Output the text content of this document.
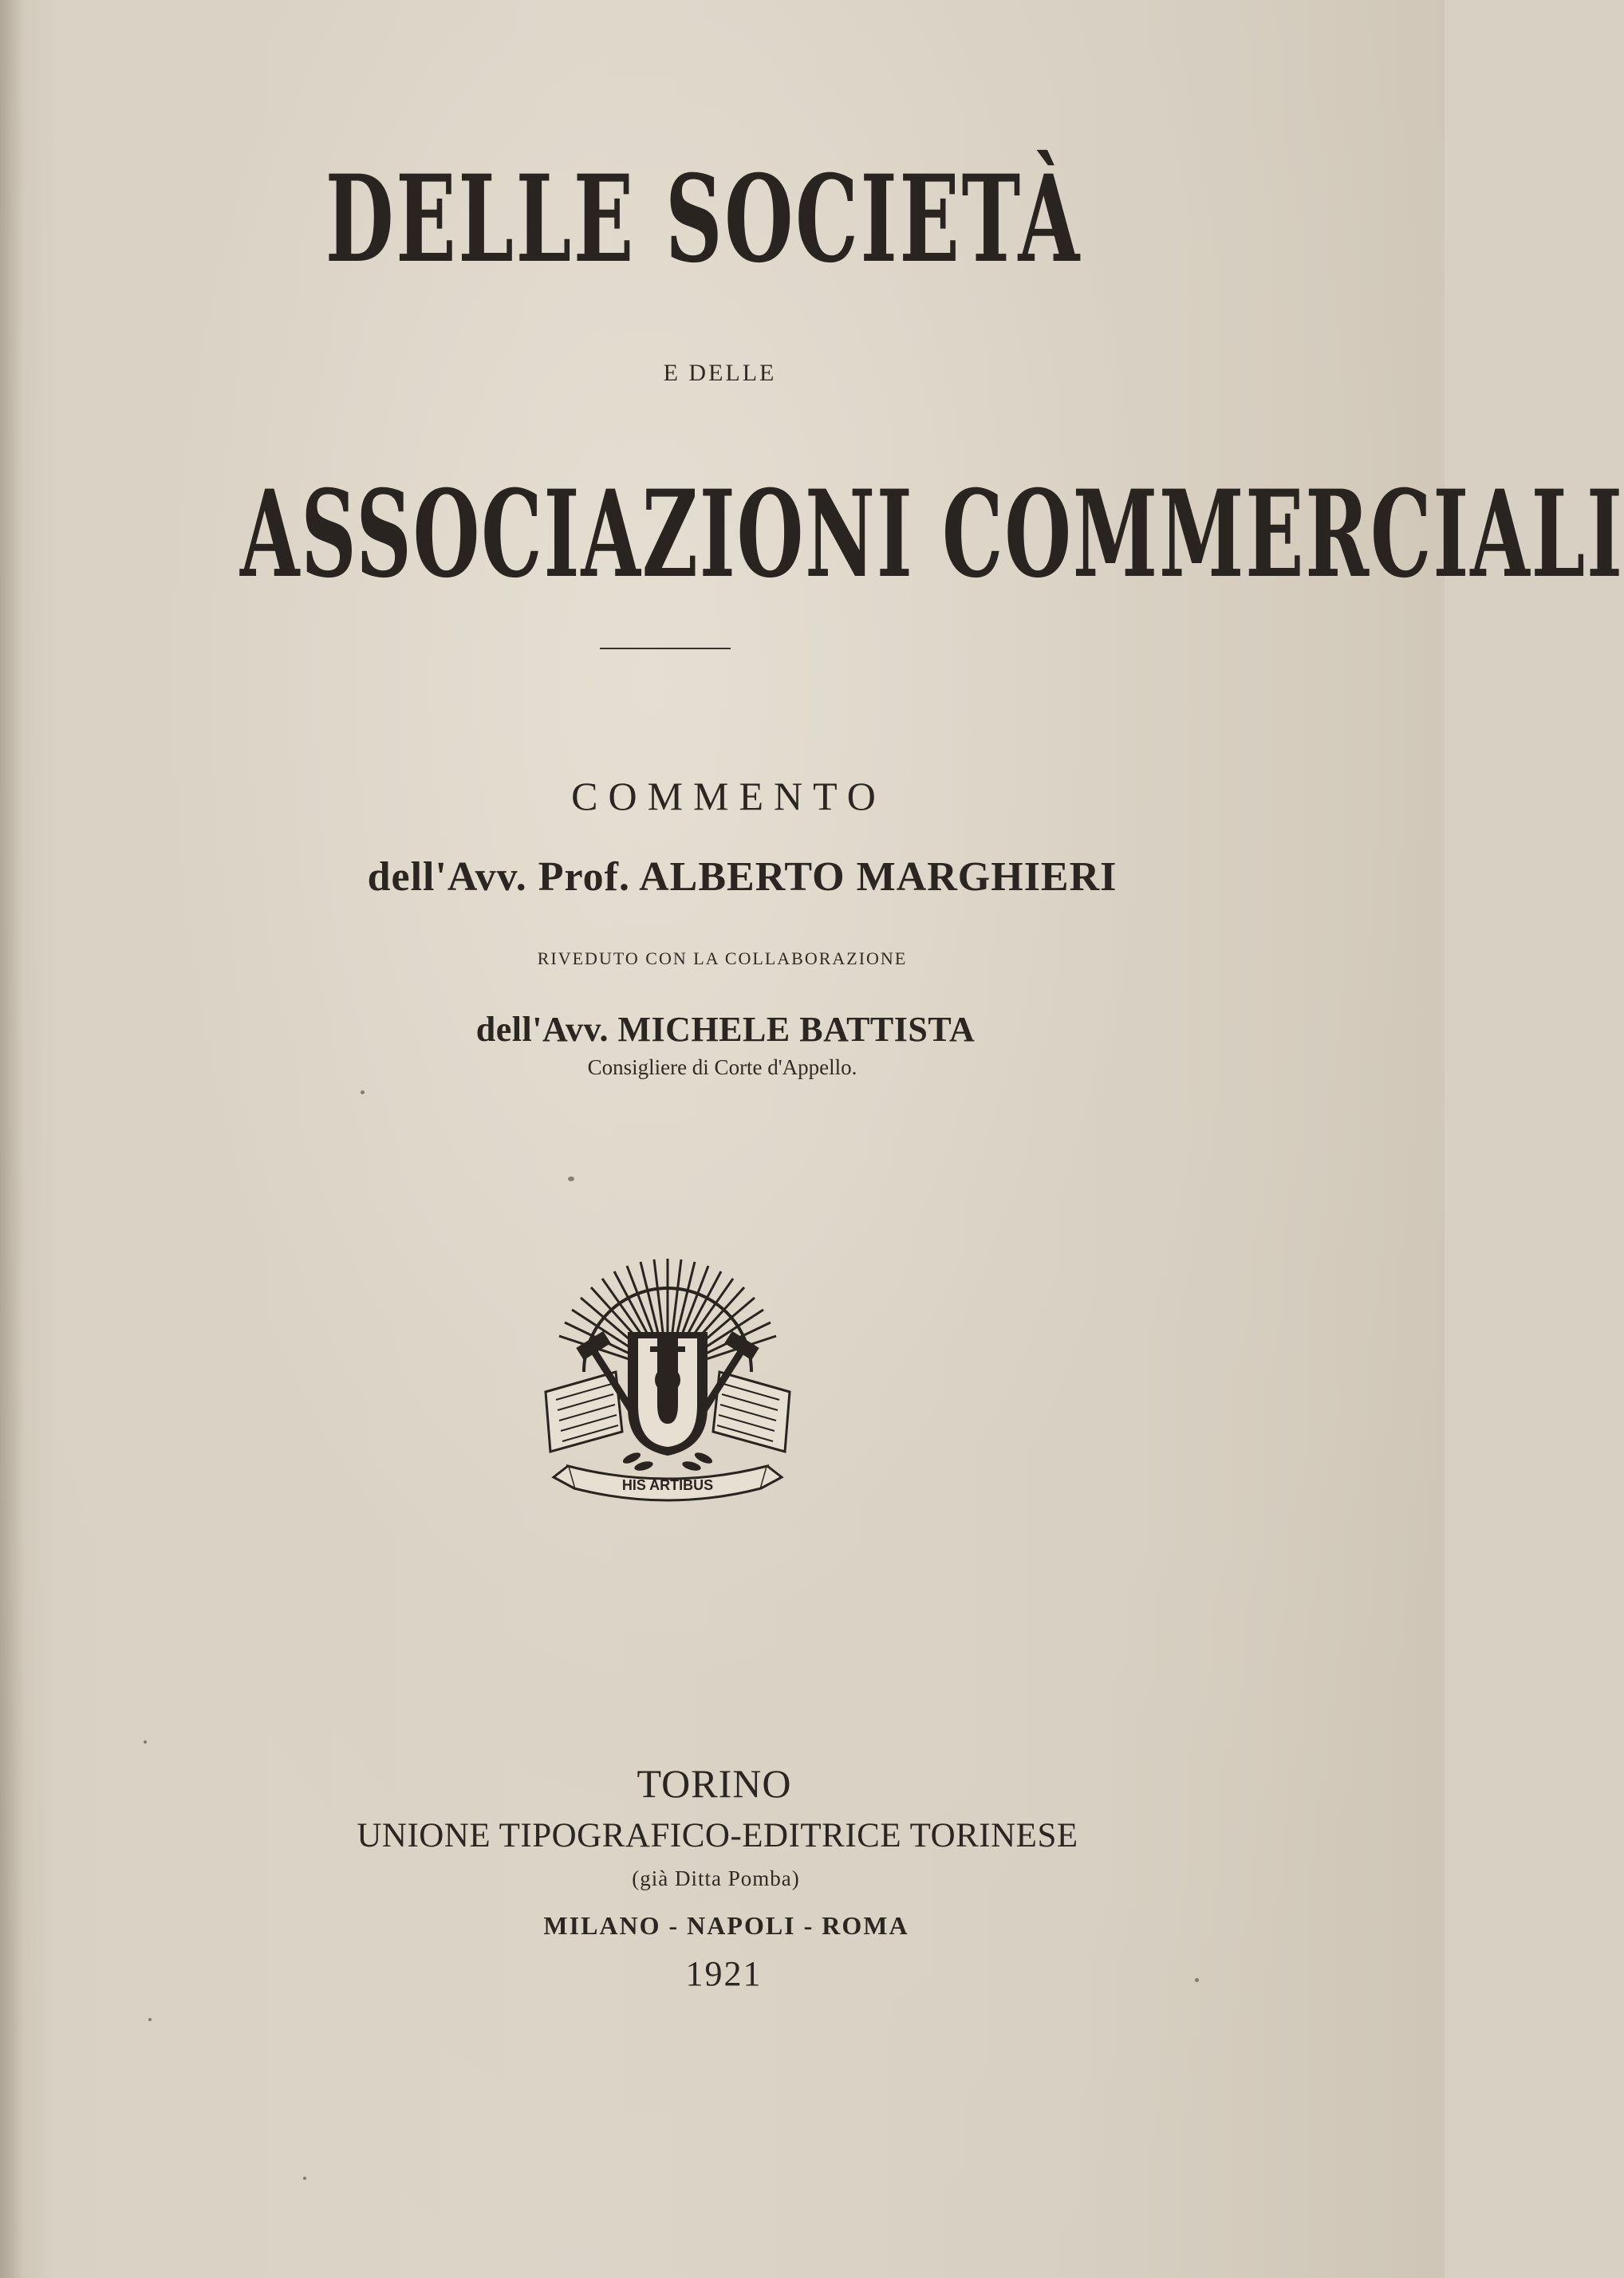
DELLE SOCIETÀ
E DELLE
ASSOCIAZIONI COMMERCIALI
COMMENTO
dell'Avv. Prof. ALBERTO MARGHIERI
RIVEDUTO CON LA COLLABORAZIONE
dell'Avv. MICHELE BATTISTA
Consigliere di Corte d'Appello.
HIS ARTIBUS
TORINO
UNIONE TIPOGRAFICO-EDITRICE TORINESE
(già Ditta Pomba)
MILANO - NAPOLI - ROMA
1921
